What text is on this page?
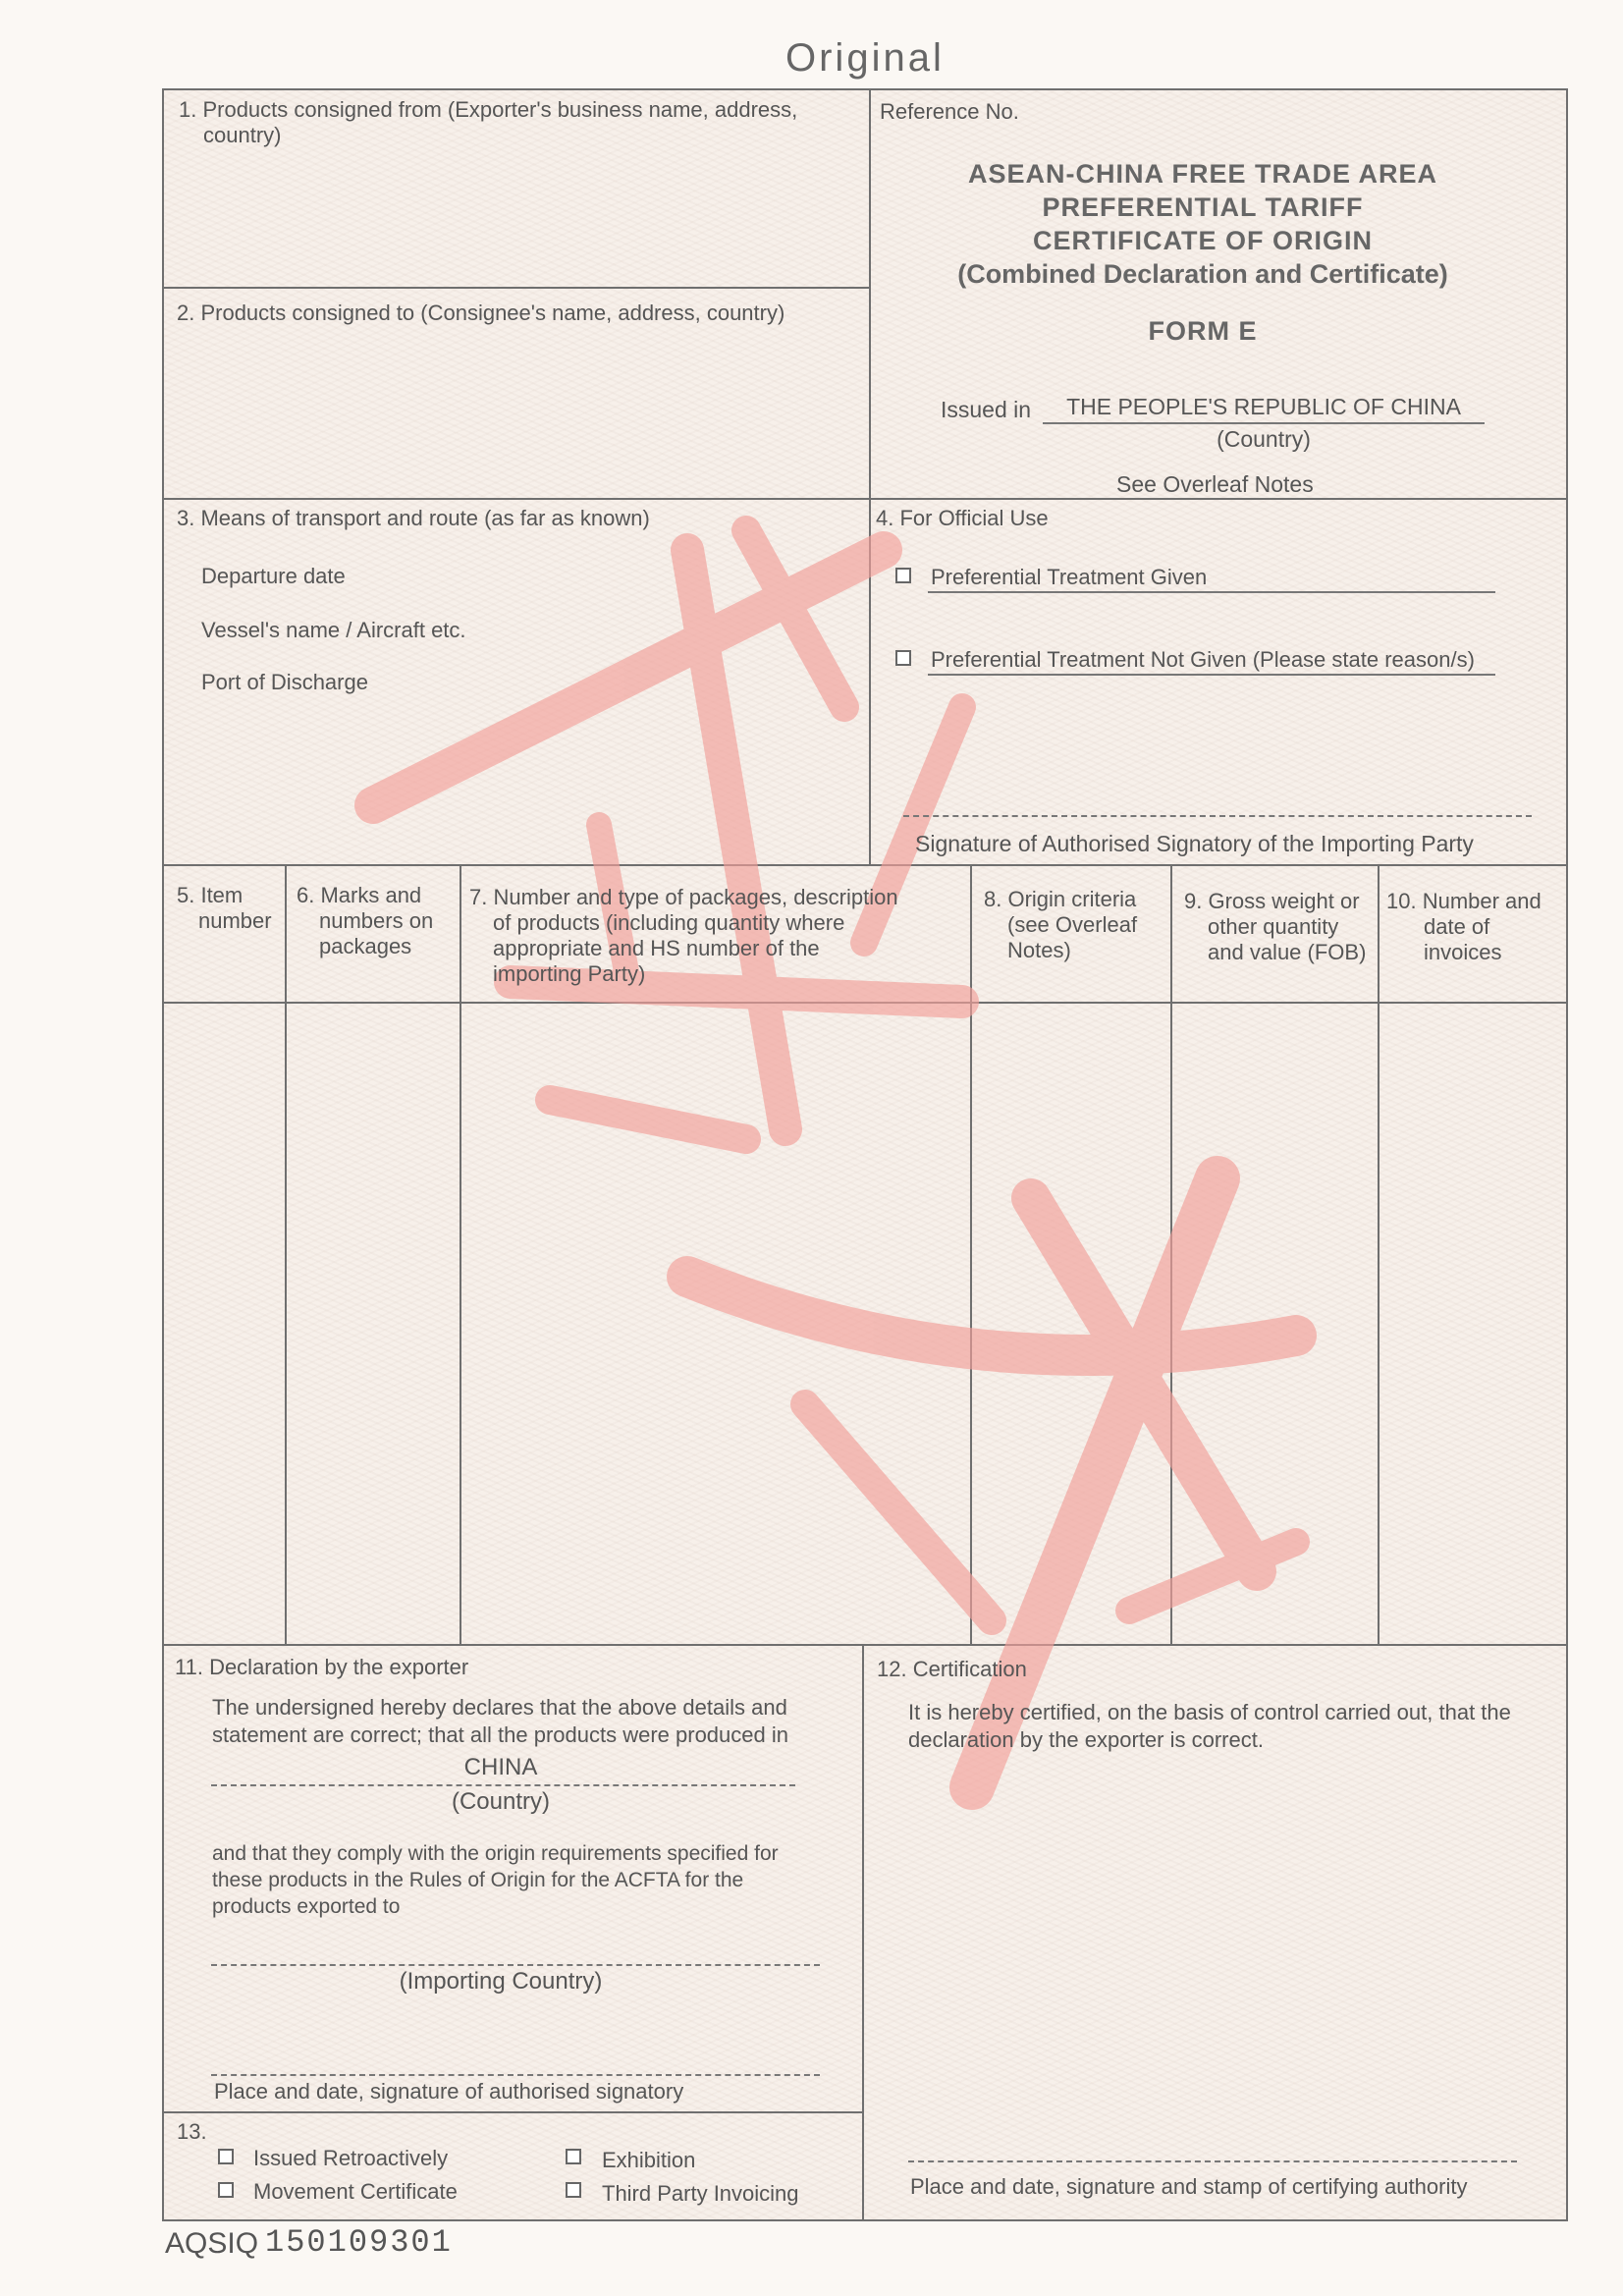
Original
1. Products consigned from (Exporter's business name, address,
country)
Reference No.
ASEAN-CHINA FREE TRADE AREA
PREFERENTIAL TARIFF
CERTIFICATE OF ORIGIN
(Combined Declaration and Certificate)
FORM E
Issued in	THE PEOPLE'S REPUBLIC OF CHINA
(Country)
See Overleaf Notes
2. Products consigned to (Consignee's name, address, country)
3. Means of transport and route (as far as known)
Departure date
Vessel's name / Aircraft etc.
Port of Discharge
4. For Official Use
Preferential Treatment Given
Preferential Treatment Not Given (Please state reason/s)
Signature of Authorised Signatory of the Importing Party
5. Item
number
6. Marks and
numbers on
packages
7. Number and type of packages, description
of products (including quantity where
appropriate and HS number of the
importing Party)
8. Origin criteria
(see Overleaf
Notes)
9. Gross weight or
other quantity
and value (FOB)
10. Number and
date of
invoices
11. Declaration by the exporter
The undersigned hereby declares that the above details and
statement are correct; that all the products were produced in
CHINA
(Country)
and that they comply with the origin requirements specified for
these products in the Rules of Origin for the ACFTA for the
products exported to
(Importing Country)
Place and date, signature of authorised signatory
12. Certification
It is hereby certified, on the basis of control carried out, that the
declaration by the exporter is correct.
Place and date, signature and stamp of certifying authority
13.
Issued Retroactively
Movement Certificate
Exhibition
Third Party Invoicing
AQSIQ 150109301
